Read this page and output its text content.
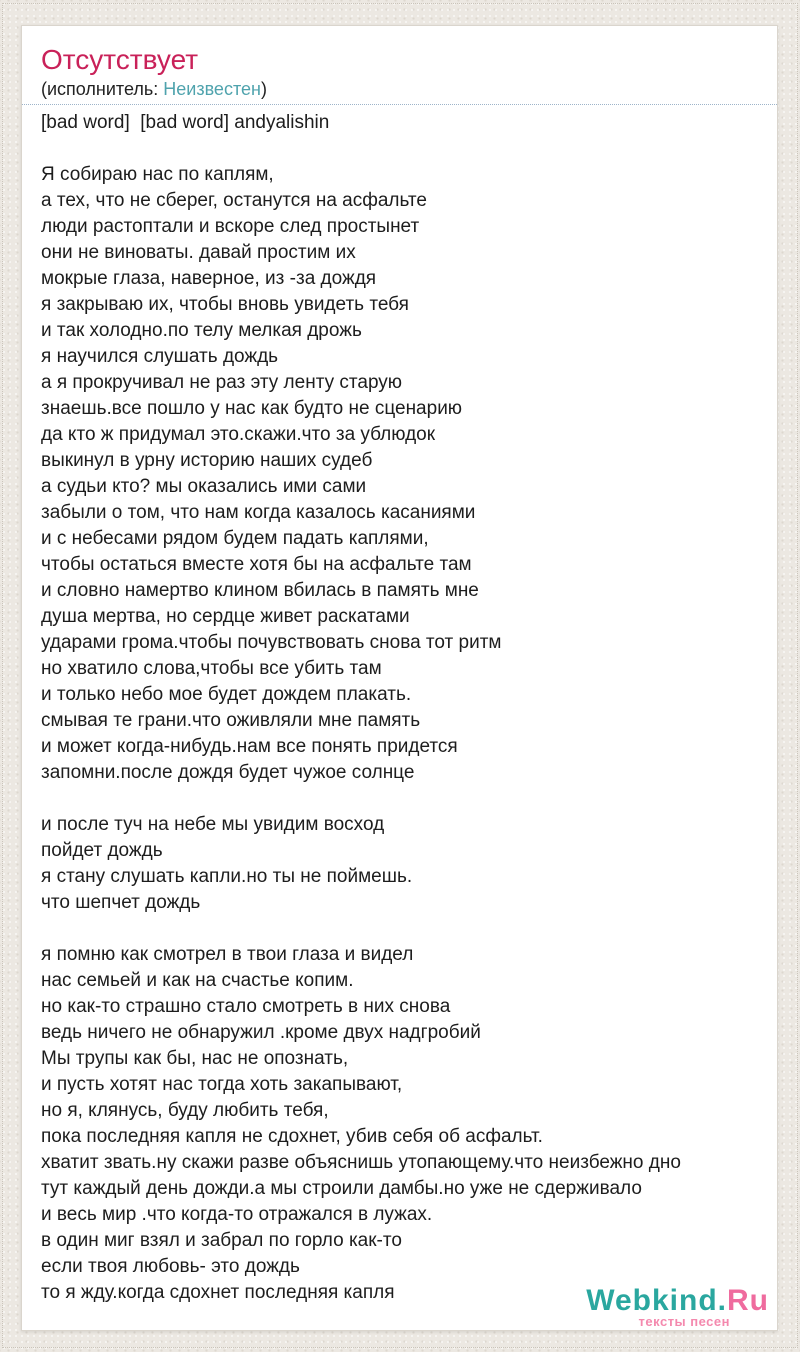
Отсутствует
(исполнитель: Неизвестен)
[bad word]  [bad word] andyalishin
Я собираю нас по каплям,
а тех, что не сберег, останутся на асфальте
люди растоптали и вскоре след простынет
они не виноваты. давай простим их
мокрые глаза, наверное, из -за дождя
я закрываю их, чтобы вновь увидеть тебя
и так холодно.по телу мелкая дрожь
я научился слушать дождь
а я прокручивал не раз эту ленту старую
знаешь.все пошло у нас как будто не сценарию
да кто ж придумал это.скажи.что за ублюдок
выкинул в урну историю наших судеб
а судьи кто? мы оказались ими сами
забыли о том, что нам когда казалось касаниями
и с небесами рядом будем падать каплями,
чтобы остаться вместе хотя бы на асфальте там
и словно намертво клином вбилась в память мне
душа мертва, но сердце живет раскатами
ударами грома.чтобы почувствовать снова тот ритм
но хватило слова,чтобы все убить там
и только небо мое будет дождем плакать.
смывая те грани.что оживляли мне память
и может когда-нибудь.нам все понять придется
запомни.после дождя будет чужое солнце
и после туч на небе мы увидим восход
пойдет дождь
я стану слушать капли.но ты не поймешь.
что шепчет дождь
я помню как смотрел в твои глаза и видел
нас семьей и как на счастье копим.
но как-то страшно стало смотреть в них снова
ведь ничего не обнаружил .кроме двух надгробий
Мы трупы как бы, нас не опознать,
и пусть хотят нас тогда хоть закапывают,
но я, клянусь, буду любить тебя,
пока последняя капля не сдохнет, убив себя об асфальт.
хватит звать.ну скажи разве объяснишь утопающему.что неизбежно дно
тут каждый день дожди.а мы строили дамбы.но уже не сдерживало
и весь мир .что когда-то отражался в лужах.
в один миг взял и забрал по горло как-то
если твоя любовь- это дождь
то я жду.когда сдохнет последняя капля	Webkind.Ru
тексты песен
